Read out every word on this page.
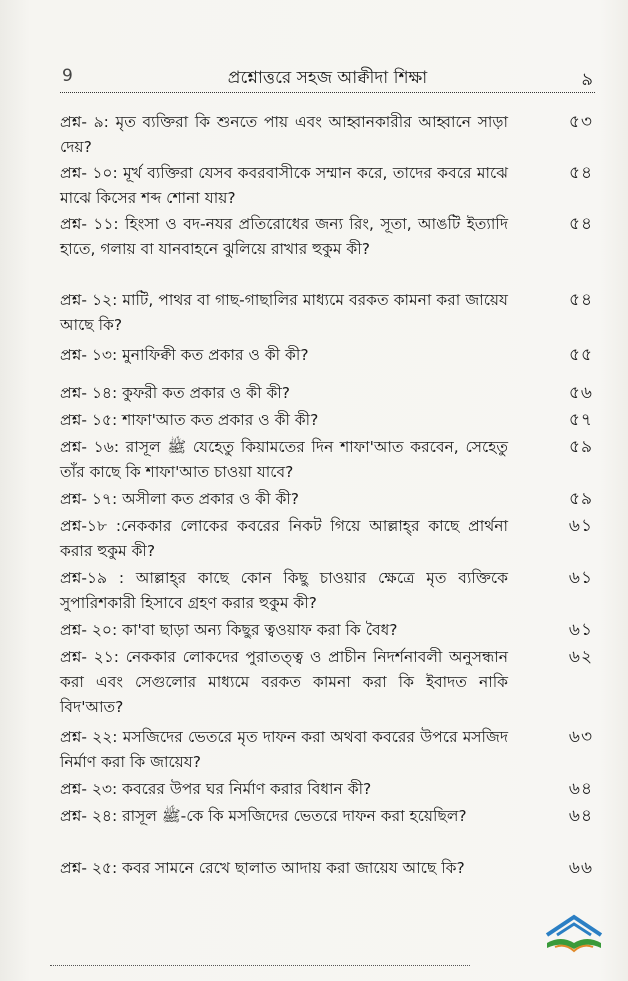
9	প্রশ্নোত্তরে সহজ আক্বীদা শিক্ষা	৯
প্রশ্ন- ৯: মৃত ব্যক্তিরা কি শুনতে পায় এবং আহ্বানকারীর আহ্বানে সাড়া দেয়?
৫৩
প্রশ্ন- ১০: মূর্খ ব্যক্তিরা যেসব কবরবাসীকে সম্মান করে, তাদের কবরে মাঝে মাঝে কিসের শব্দ শোনা যায়?
৫৪
প্রশ্ন- ১১: হিংসা ও বদ-নযর প্রতিরোধের জন্য রিং, সূতা, আঙটি ইত্যাদি হাতে, গলায় বা যানবাহনে ঝুলিয়ে রাখার হুকুম কী?
৫৪
প্রশ্ন- ১২: মাটি, পাথর বা গাছ-গাছালির মাধ্যমে বরকত কামনা করা জায়েয আছে কি?
৫৪
প্রশ্ন- ১৩: মুনাফিক্বী কত প্রকার ও কী কী?	৫৫
প্রশ্ন- ১৪: কুফরী কত প্রকার ও কী কী?	৫৬
প্রশ্ন- ১৫: শাফা'আত কত প্রকার ও কী কী?	৫৭
প্রশ্ন- ১৬: রাসূল ﷺ যেহেতু কিয়ামতের দিন শাফা'আত করবেন, সেহেতু তাঁর কাছে কি শাফা'আত চাওয়া যাবে?
৫৯
প্রশ্ন- ১৭: অসীলা কত প্রকার ও কী কী?	৫৯
প্রশ্ন-১৮ :নেককার লোকের কবরের নিকট গিয়ে আল্লাহ্‌র কাছে প্রার্থনা করার হুকুম কী?
৬১
প্রশ্ন-১৯ : আল্লাহ্‌র কাছে কোন কিছু চাওয়ার ক্ষেত্রে মৃত ব্যক্তিকে সুপারিশকারী হিসাবে গ্রহণ করার হুকুম কী?
৬১
প্রশ্ন- ২০: কা'বা ছাড়া অন্য কিছুর ত্বওয়াফ করা কি বৈধ?	৬১
প্রশ্ন- ২১: নেককার লোকদের পুরাতত্ত্ব ও প্রাচীন নিদর্শনাবলী অনুসন্ধান করা এবং সেগুলোর মাধ্যমে বরকত কামনা করা কি ইবাদত নাকি বিদ'আত?
৬২
প্রশ্ন- ২২: মসজিদের ভেতরে মৃত দাফন করা অথবা কবরের উপরে মসজিদ নির্মাণ করা কি জায়েয?
৬৩
প্রশ্ন- ২৩: কবরের উপর ঘর নির্মাণ করার বিধান কী?	৬৪
প্রশ্ন- ২৪: রাসূল ﷺ-কে কি মসজিদের ভেতরে দাফন করা হয়েছিল?	৬৪
প্রশ্ন- ২৫: কবর সামনে রেখে ছালাত আদায় করা জায়েয আছে কি?	৬৬
